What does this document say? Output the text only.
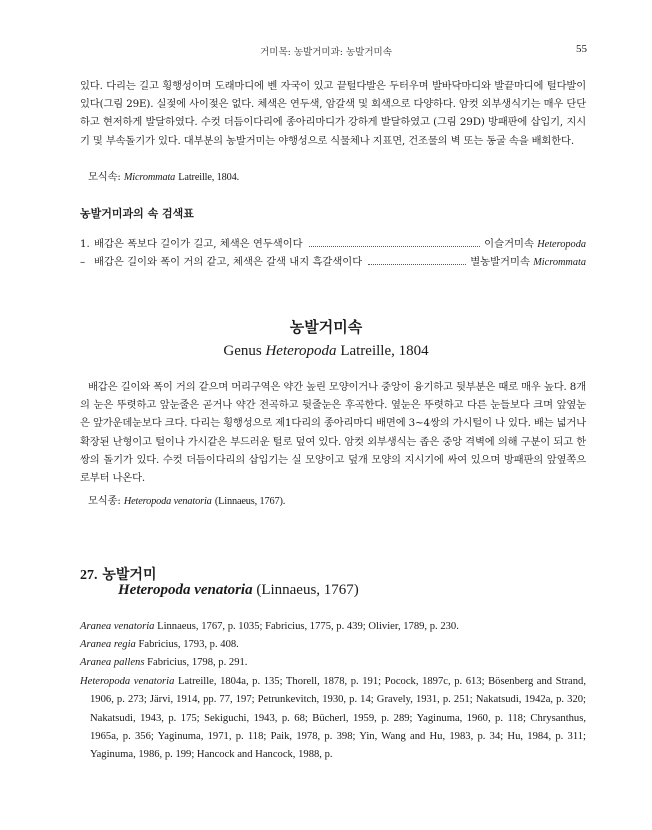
거미목: 농발거미과: 농발거미속	55
있다. 다리는 길고 횡행성이며 도래마디에 벤 자국이 있고 끝털다발은 두터우며 발바닥마디와 발끝마디에 털다발이 있다(그림 29E). 실젖에 사이젖은 없다. 체색은 연두색, 암갈색 및 회색으로 다양하다. 암컷 외부생식기는 매우 단단하고 현저하게 발달하였다. 수컷 더듬이다리에 종아리마디가 강하게 발달하였고 (그림 29D) 방패판에 삽입기, 지시기 및 부속돌기가 있다. 대부분의 농발거미는 야행성으로 식물체나 지표면, 건조물의 벽 또는 동굴 속을 배회한다.
모식속: Micrommata Latreille, 1804.
농발거미과의 속 검색표
1. 배갑은 폭보다 길이가 길고, 체색은 연두색이다	이슬거미속 Heteropoda
– 배갑은 길이와 폭이 거의 같고, 체색은 갈색 내지 흑갈색이다	별농발거미속 Micrommata
농발거미속
Genus Heteropoda Latreille, 1804
배갑은 길이와 폭이 거의 같으며 머리구역은 약간 높린 모양이거나 중앙이 융기하고 뒷부분은 때로 매우 높다. 8개의 눈은 뚜렷하고 앞눈줄은 곧거나 약간 전곡하고 뒷줄눈은 후곡한다. 옆눈은 뚜렷하고 다른 눈들보다 크며 앞옆눈은 앞가운데눈보다 크다. 다리는 횡행성으로 제1다리의 종아리마디 배면에 3~4쌍의 가시털이 나 있다. 배는 넓거나 확장된 난형이고 털이나 가시같은 부드러운 털로 덮여 있다. 암컷 외부생식는 좁은 중앙 격벽에 의해 구분이 되고 한 쌍의 돌기가 있다. 수컷 더듬이다리의 삽입기는 실 모양이고 덮개 모양의 지시기에 싸여 있으며 방패판의 앞옆쪽으로부터 나온다.
모식종: Heteropoda venatoria (Linnaeus, 1767).
27. 농발거미
Heteropoda venatoria (Linnaeus, 1767)
Aranea venatoria Linnaeus, 1767, p. 1035; Fabricius, 1775, p. 439; Olivier, 1789, p. 230.
Aranea regia Fabricius, 1793, p. 408.
Aranea pallens Fabricius, 1798, p. 291.
Heteropoda venatoria Latreille, 1804a, p. 135; Thorell, 1878, p. 191; Pocock, 1897c, p. 613; Bösenberg and Strand, 1906, p. 273; Järvi, 1914, pp. 77, 197; Petrunkevitch, 1930, p. 14; Gravely, 1931, p. 251; Nakatsudi, 1942a, p. 320; Nakatsudi, 1943, p. 175; Sekiguchi, 1943, p. 68; Bücherl, 1959, p. 289; Yaginuma, 1960, p. 118; Chrysanthus, 1965a, p. 356; Yaginuma, 1971, p. 118; Paik, 1978, p. 398; Yin, Wang and Hu, 1983, p. 34; Hu, 1984, p. 311; Yaginuma, 1986, p. 199; Hancock and Hancock, 1988, p.
